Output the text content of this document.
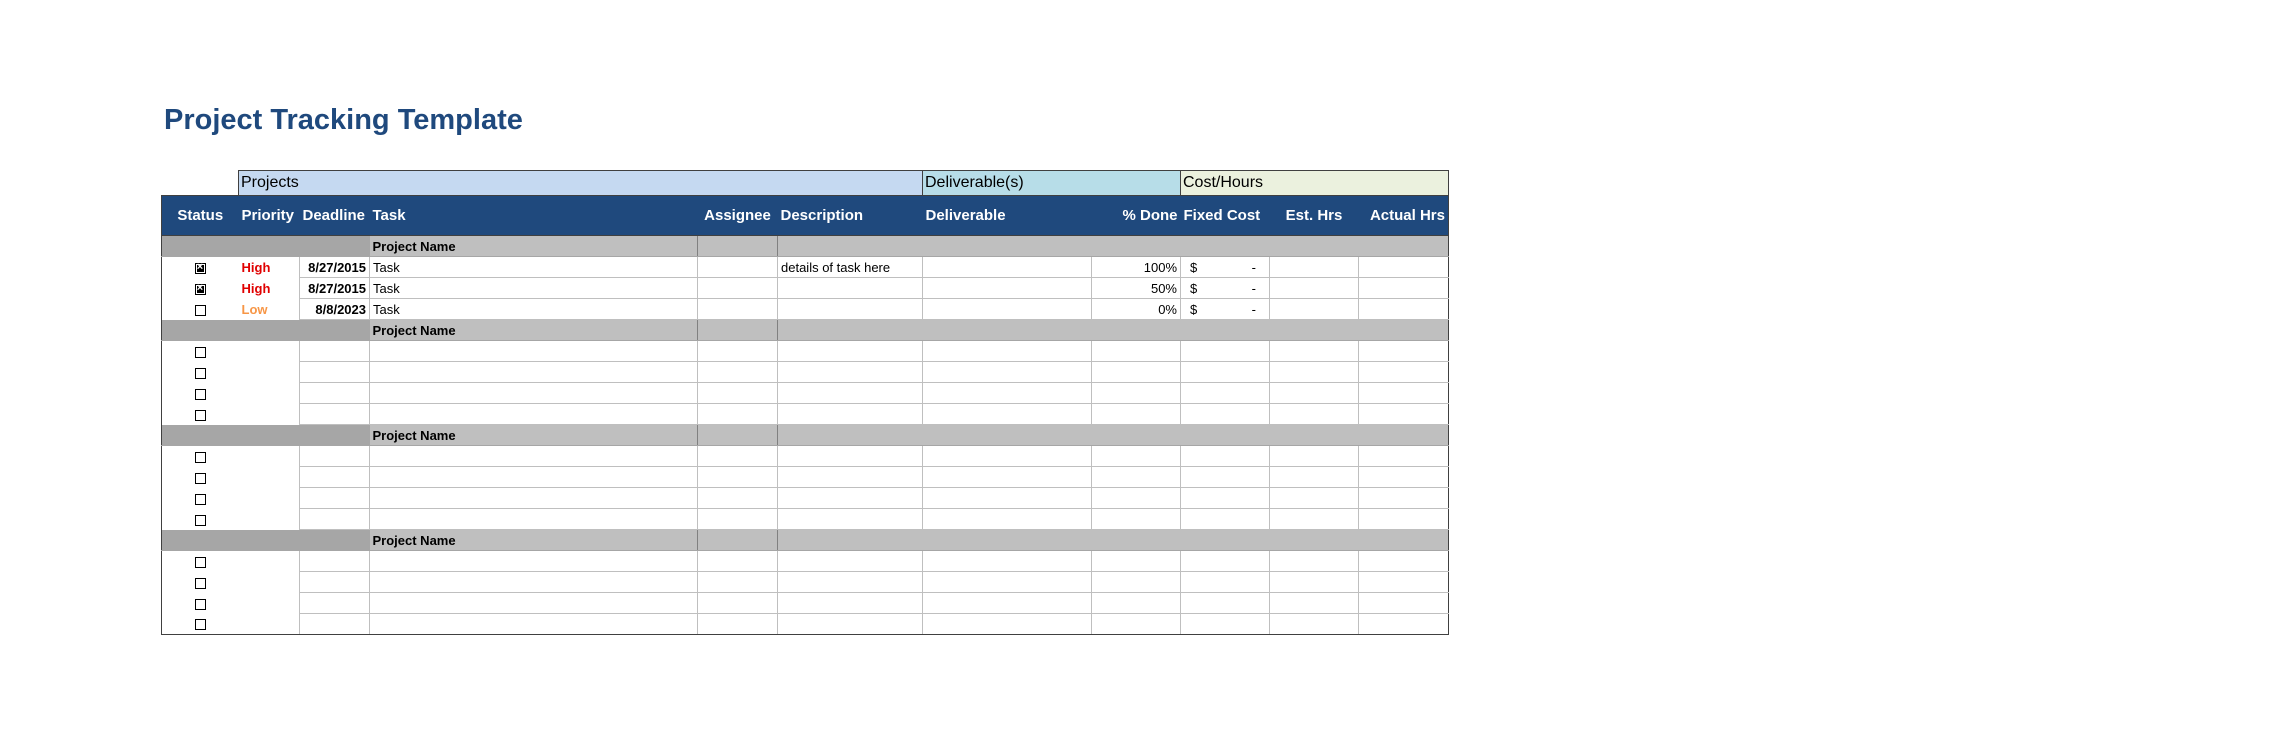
Project Tracking Template
	Projects					Deliverable(s)		Cost/Hours		
Status	Priority	Deadline	Task	Assignee	Description	Deliverable	% Done	Fixed Cost	Est. Hrs	Actual Hrs
			Project Name							
×	High	8/27/2015	Task		details of task here		100%	$ -		

×	High	8/27/2015	Task				50%	$ -		

	Low	8/8/2023	Task				0%	$ -		

			Project Name							

			Project Name							

			Project Name							
